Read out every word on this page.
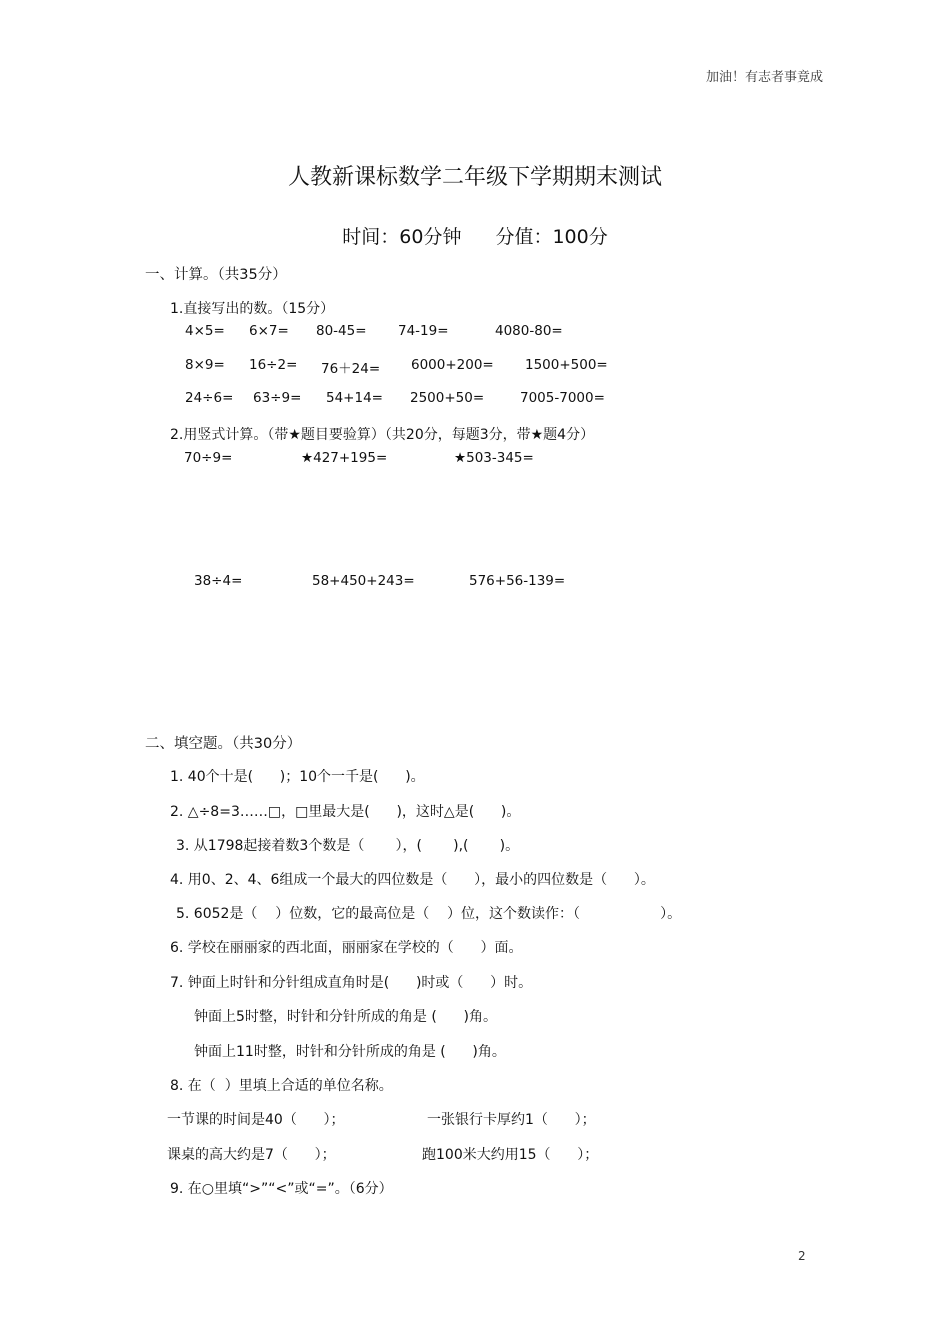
加油！有志者事竟成
人教新课标数学二年级下学期期末测试
时间：60分钟 分值：100分
一、计算。（共35分）
1.直接写出的数。（15分）
4×5= 6×7= 80-45= 74-19=	4080-80=
8×9= 16÷2= 76＋24= 6000+200= 1500+500=
24÷6= 63÷9= 54+14= 2500+50=	7005-7000=
2.用竖式计算。（带★题目要验算）（共20分，每题3分，带★题4分）
70÷9=	★427+195=	★503-345=
38÷4=	58+450+243=	576+56-139=
二、填空题。（共30分）
1. 40个十是(      )；10个一千是(      )。
2. △÷8=3……□，□里最大是(      )，这时△是(      )。
3. 从1798起接着数3个数是（       ），(       ),(       )。
4. 用0、2、4、6组成一个最大的四位数是（      ），最小的四位数是（      ）。
5. 6052是（    ）位数，它的最高位是（    ）位，这个数读作：（                  ）。
6. 学校在丽丽家的西北面，丽丽家在学校的（      ）面。
7. 钟面上时针和分针组成直角时是(      )时或（      ）时。
钟面上5时整，时针和分针所成的角是 (      )角。
钟面上11时整，时针和分针所成的角是 (      )角。
8. 在（  ）里填上合适的单位名称。
一节课的时间是40（      ）；	一张银行卡厚约1（      ）；
课桌的高大约是7（      ）；	跑100米大约用15（      ）；
9. 在○里填“>”“<”或“=”。（6分）
2
